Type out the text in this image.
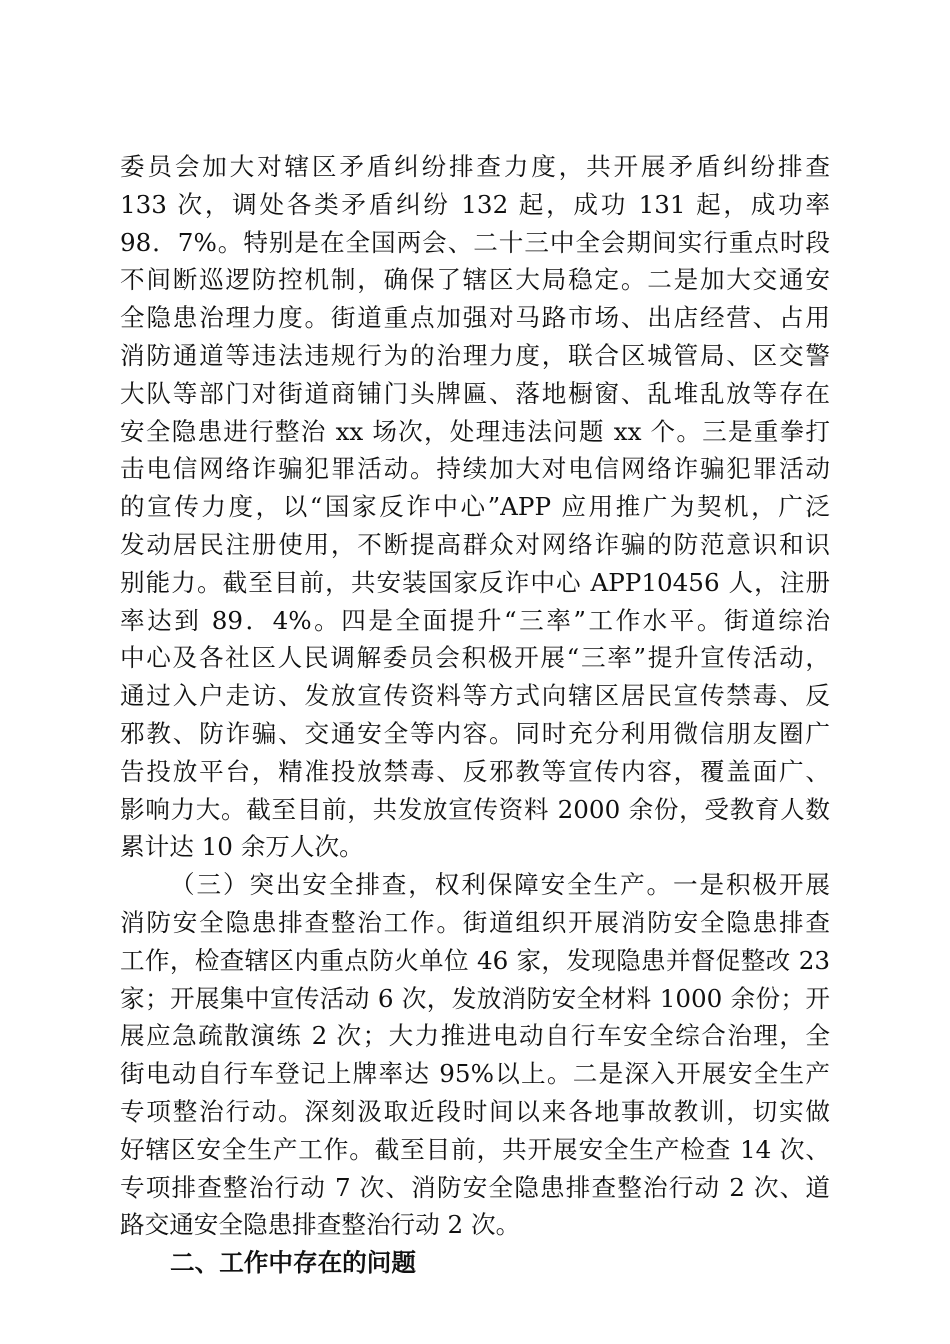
委员会加大对辖区矛盾纠纷排查力度，共开展矛盾纠纷排查
133 次，调处各类矛盾纠纷 132 起，成功 131 起，成功率
98．7%。特别是在全国两会、二十三中全会期间实行重点时段
不间断巡逻防控机制，确保了辖区大局稳定。二是加大交通安
全隐患治理力度。街道重点加强对马路市场、出店经营、占用
消防通道等违法违规行为的治理力度，联合区城管局、区交警
大队等部门对街道商铺门头牌匾、落地橱窗、乱堆乱放等存在
安全隐患进行整治 xx 场次，处理违法问题 xx 个。三是重拳打
击电信网络诈骗犯罪活动。持续加大对电信网络诈骗犯罪活动
的宣传力度，以“国家反诈中心”APP 应用推广为契机，广泛
发动居民注册使用，不断提高群众对网络诈骗的防范意识和识
别能力。截至目前，共安装国家反诈中心 APP10456 人，注册
率达到 89．4%。四是全面提升“三率”工作水平。街道综治
中心及各社区人民调解委员会积极开展“三率”提升宣传活动，
通过入户走访、发放宣传资料等方式向辖区居民宣传禁毒、反
邪教、防诈骗、交通安全等内容。同时充分利用微信朋友圈广
告投放平台，精准投放禁毒、反邪教等宣传内容，覆盖面广、
影响力大。截至目前，共发放宣传资料 2000 余份，受教育人数
累计达 10 余万人次。
（三）突出安全排查，权利保障安全生产。一是积极开展
消防安全隐患排查整治工作。街道组织开展消防安全隐患排查
工作，检查辖区内重点防火单位 46 家，发现隐患并督促整改 23
家；开展集中宣传活动 6 次，发放消防安全材料 1000 余份；开
展应急疏散演练 2 次；大力推进电动自行车安全综合治理，全
街电动自行车登记上牌率达 95%以上。二是深入开展安全生产
专项整治行动。深刻汲取近段时间以来各地事故教训，切实做
好辖区安全生产工作。截至目前，共开展安全生产检查 14 次、
专项排查整治行动 7 次、消防安全隐患排查整治行动 2 次、道
路交通安全隐患排查整治行动 2 次。
二、工作中存在的问题
